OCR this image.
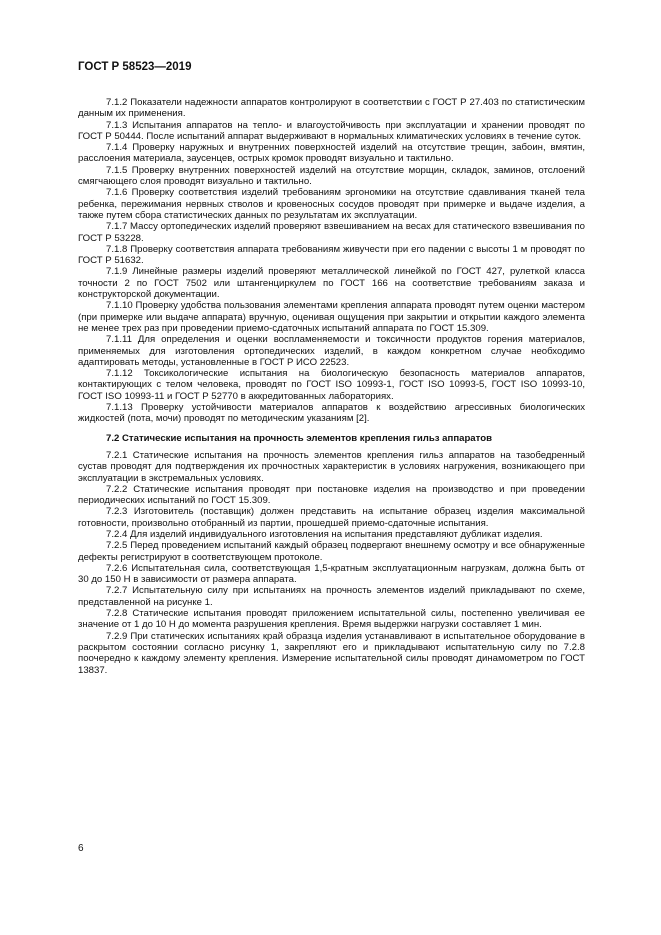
ГОСТ Р 58523—2019

7.1.2 Показатели надежности аппаратов контролируют в соответствии с ГОСТ Р 27.403 по статистическим данным их применения.

7.1.3 Испытания аппаратов на тепло- и влагоустойчивость при эксплуатации и хранении проводят по ГОСТ Р 50444. После испытаний аппарат выдерживают в нормальных климатических условиях в течение суток.

7.1.4 Проверку наружных и внутренних поверхностей изделий на отсутствие трещин, забоин, вмятин, расслоения материала, заусенцев, острых кромок проводят визуально и тактильно.

7.1.5 Проверку внутренних поверхностей изделий на отсутствие морщин, складок, заминов, отслоений смягчающего слоя проводят визуально и тактильно.

7.1.6 Проверку соответствия изделий требованиям эргономики на отсутствие сдавливания тканей тела ребенка, пережимания нервных стволов и кровеносных сосудов проводят при примерке и выдаче изделия, а также путем сбора статистических данных по результатам их эксплуатации.

7.1.7 Массу ортопедических изделий проверяют взвешиванием на весах для статического взвешивания по ГОСТ Р 53228.

7.1.8 Проверку соответствия аппарата требованиям живучести при его падении с высоты 1 м проводят по ГОСТ Р 51632.

7.1.9 Линейные размеры изделий проверяют металлической линейкой по ГОСТ 427, рулеткой класса точности 2 по ГОСТ 7502 или штангенциркулем по ГОСТ 166 на соответствие требованиям заказа и конструкторской документации.

7.1.10 Проверку удобства пользования элементами крепления аппарата проводят путем оценки мастером (при примерке или выдаче аппарата) вручную, оценивая ощущения при закрытии и открытии каждого элемента не менее трех раз при проведении приемо-сдаточных испытаний аппарата по ГОСТ 15.309.

7.1.11 Для определения и оценки воспламеняемости и токсичности продуктов горения материалов, применяемых для изготовления ортопедических изделий, в каждом конкретном случае необходимо адаптировать методы, установленные в ГОСТ Р ИСО 22523.

7.1.12 Токсикологические испытания на биологическую безопасность материалов аппаратов, контактирующих с телом человека, проводят по ГОСТ ISO 10993-1, ГОСТ ISO 10993-5, ГОСТ ISO 10993-10, ГОСТ ISO 10993-11 и ГОСТ Р 52770 в аккредитованных лабораториях.

7.1.13 Проверку устойчивости материалов аппаратов к воздействию агрессивных биологических жидкостей (пота, мочи) проводят по методическим указаниям [2].

7.2 Статические испытания на прочность элементов крепления гильз аппаратов

7.2.1 Статические испытания на прочность элементов крепления гильз аппаратов на тазобедренный сустав проводят для подтверждения их прочностных характеристик в условиях нагружения, возникающего при эксплуатации в экстремальных условиях.

7.2.2 Статические испытания проводят при постановке изделия на производство и при проведении периодических испытаний по ГОСТ 15.309.

7.2.3 Изготовитель (поставщик) должен представить на испытание образец изделия максимальной готовности, произвольно отобранный из партии, прошедшей приемо-сдаточные испытания.

7.2.4 Для изделий индивидуального изготовления на испытания представляют дубликат изделия.

7.2.5 Перед проведением испытаний каждый образец подвергают внешнему осмотру и все обнаруженные дефекты регистрируют в соответствующем протоколе.

7.2.6 Испытательная сила, соответствующая 1,5-кратным эксплуатационным нагрузкам, должна быть от 30 до 150 Н в зависимости от размера аппарата.

7.2.7 Испытательную силу при испытаниях на прочность элементов изделий прикладывают по схеме, представленной на рисунке 1.

7.2.8 Статические испытания проводят приложением испытательной силы, постепенно увеличивая ее значение от 1 до 10 Н до момента разрушения крепления. Время выдержки нагрузки составляет 1 мин.

7.2.9 При статических испытаниях край образца изделия устанавливают в испытательное оборудование в раскрытом состоянии согласно рисунку 1, закрепляют его и прикладывают испытательную силу по 7.2.8 поочередно к каждому элементу крепления. Измерение испытательной силы проводят динамометром по ГОСТ 13837.

6
